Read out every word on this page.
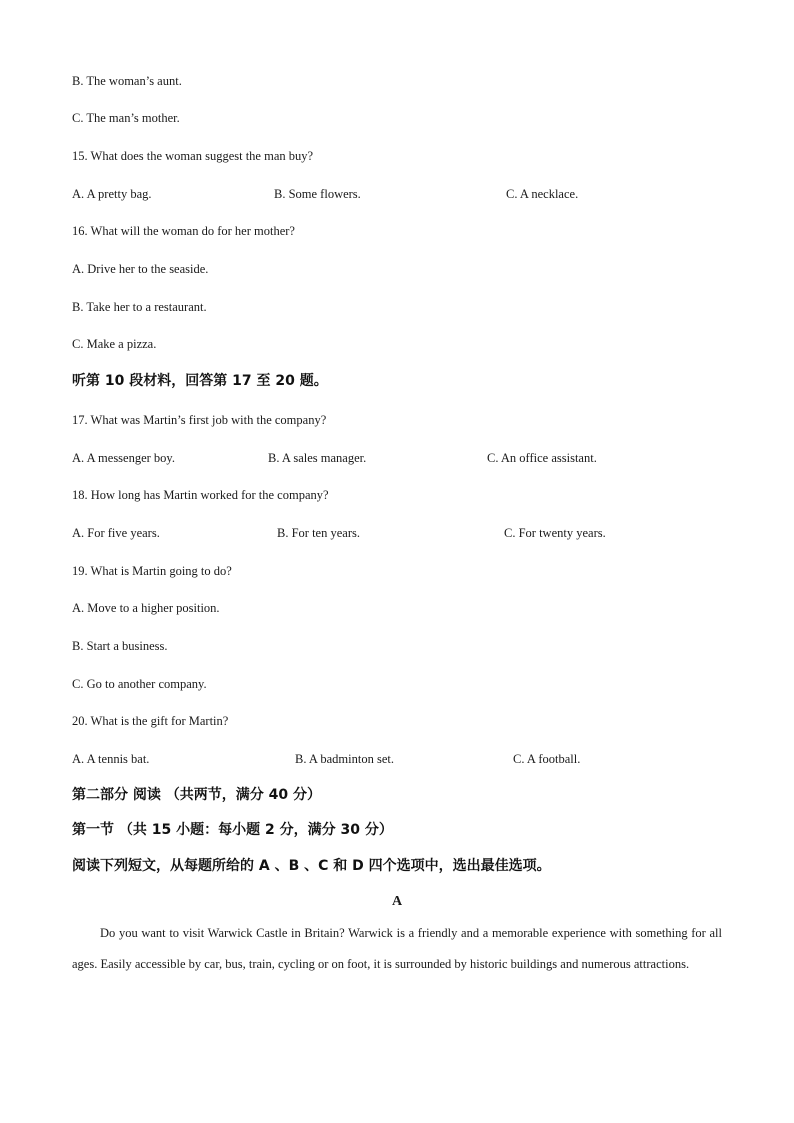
B. The woman’s aunt.
C. The man’s mother.
15. What does the woman suggest the man buy?
A. A pretty bag.	B. Some flowers.	C. A necklace.
16. What will the woman do for her mother?
A. Drive her to the seaside.
B. Take her to a restaurant.
C. Make a pizza.
听第 10 段材料，回答第 17 至 20 题。
17. What was Martin’s first job with the company?
A. A messenger boy.	B. A sales manager.	C. An office assistant.
18. How long has Martin worked for the company?
A. For five years.	B. For ten years.	C. For twenty years.
19. What is Martin going to do?
A. Move to a higher position.
B. Start a business.
C. Go to another company.
20. What is the gift for Martin?
A. A tennis bat.	B. A badminton set.	C. A football.
第二部分 阅读 （共两节，满分 40 分）
第一节 （共 15 小题：每小题 2 分，满分 30 分）
阅读下列短文，从每题所给的 A 、B 、C 和 D 四个选项中，选出最佳选项。
A
Do you want to visit Warwick Castle in Britain? Warwick is a friendly and a memorable experience with something for all ages. Easily accessible by car, bus, train, cycling or on foot, it is surrounded by historic buildings and numerous attractions.
